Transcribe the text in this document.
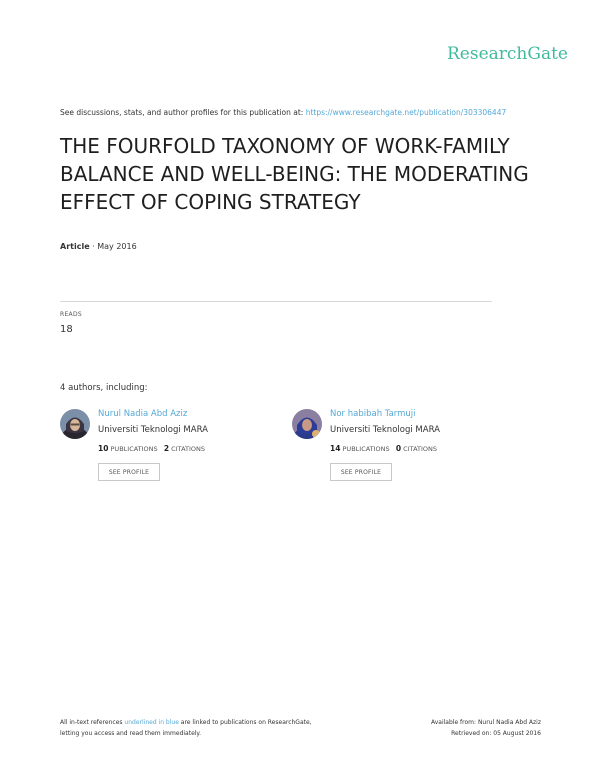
ResearchGate
See discussions, stats, and author profiles for this publication at: https://www.researchgate.net/publication/303306447
THE FOURFOLD TAXONOMY OF WORK-FAMILY BALANCE AND WELL-BEING: THE MODERATING EFFECT OF COPING STRATEGY
Article · May 2016
READS
18
4 authors, including:
Nurul Nadia Abd Aziz
Universiti Teknologi MARA
10 PUBLICATIONS 2 CITATIONS
SEE PROFILE
Nor habibah Tarmuji
Universiti Teknologi MARA
14 PUBLICATIONS 0 CITATIONS
SEE PROFILE
All in-text references underlined in blue are linked to publications on ResearchGate,
letting you access and read them immediately.
Available from: Nurul Nadia Abd Aziz
Retrieved on: 05 August 2016
